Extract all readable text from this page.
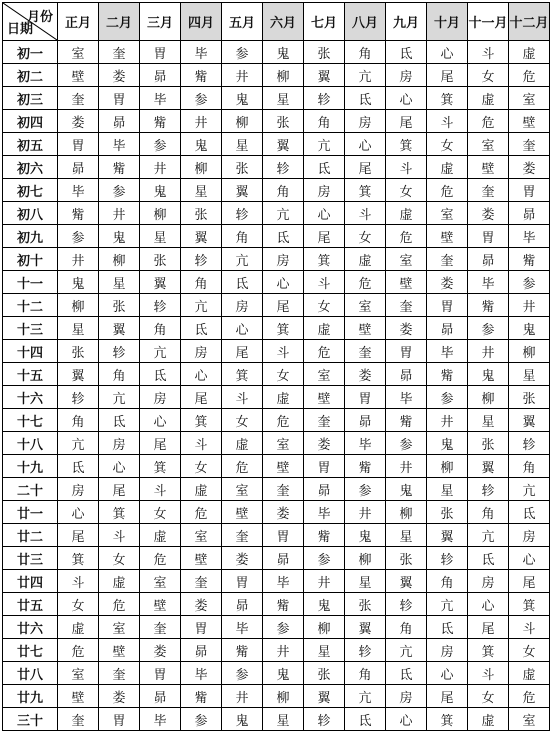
月份
日期	正月	二月	三月	四月	五月	六月	七月	八月	九月	十月	十一月	十二月
初一	室	奎	胃	毕	参	鬼	张	角	氐	心	斗	虚
初二	壁	娄	昴	觜	井	柳	翼	亢	房	尾	女	危
初三	奎	胃	毕	参	鬼	星	轸	氐	心	箕	虚	室
初四	娄	昴	觜	井	柳	张	角	房	尾	斗	危	壁
初五	胃	毕	参	鬼	星	翼	亢	心	箕	女	室	奎
初六	昴	觜	井	柳	张	轸	氐	尾	斗	虚	壁	娄
初七	毕	参	鬼	星	翼	角	房	箕	女	危	奎	胃
初八	觜	井	柳	张	轸	亢	心	斗	虚	室	娄	昴
初九	参	鬼	星	翼	角	氐	尾	女	危	壁	胃	毕
初十	井	柳	张	轸	亢	房	箕	虚	室	奎	昴	觜
十一	鬼	星	翼	角	氐	心	斗	危	壁	娄	毕	参
十二	柳	张	轸	亢	房	尾	女	室	奎	胃	觜	井
十三	星	翼	角	氐	心	箕	虚	壁	娄	昴	参	鬼
十四	张	轸	亢	房	尾	斗	危	奎	胃	毕	井	柳
十五	翼	角	氐	心	箕	女	室	娄	昴	觜	鬼	星
十六	轸	亢	房	尾	斗	虚	壁	胃	毕	参	柳	张
十七	角	氐	心	箕	女	危	奎	昴	觜	井	星	翼
十八	亢	房	尾	斗	虚	室	娄	毕	参	鬼	张	轸
十九	氐	心	箕	女	危	壁	胃	觜	井	柳	翼	角
二十	房	尾	斗	虚	室	奎	昴	参	鬼	星	轸	亢
廿一	心	箕	女	危	壁	娄	毕	井	柳	张	角	氐
廿二	尾	斗	虚	室	奎	胃	觜	鬼	星	翼	亢	房
廿三	箕	女	危	壁	娄	昴	参	柳	张	轸	氐	心
廿四	斗	虚	室	奎	胃	毕	井	星	翼	角	房	尾
廿五	女	危	壁	娄	昴	觜	鬼	张	轸	亢	心	箕
廿六	虚	室	奎	胃	毕	参	柳	翼	角	氐	尾	斗
廿七	危	壁	娄	昴	觜	井	星	轸	亢	房	箕	女
廿八	室	奎	胃	毕	参	鬼	张	角	氐	心	斗	虚
廿九	壁	娄	昴	觜	井	柳	翼	亢	房	尾	女	危
三十	奎	胃	毕	参	鬼	星	轸	氐	心	箕	虚	室
